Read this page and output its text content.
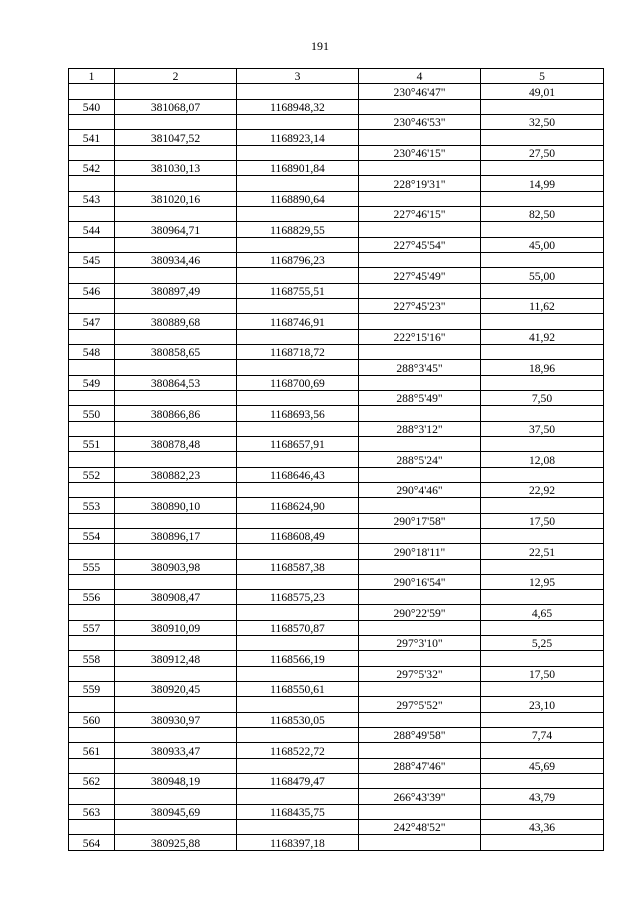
191
1	2	3	4	5
			230°46'47"	49,01
540	381068,07	1168948,32		
			230°46'53"	32,50
541	381047,52	1168923,14		
			230°46'15"	27,50
542	381030,13	1168901,84		
			228°19'31"	14,99
543	381020,16	1168890,64		
			227°46'15"	82,50
544	380964,71	1168829,55		
			227°45'54"	45,00
545	380934,46	1168796,23		
			227°45'49"	55,00
546	380897,49	1168755,51		
			227°45'23"	11,62
547	380889,68	1168746,91		
			222°15'16"	41,92
548	380858,65	1168718,72		
			288°3'45"	18,96
549	380864,53	1168700,69		
			288°5'49"	7,50
550	380866,86	1168693,56		
			288°3'12"	37,50
551	380878,48	1168657,91		
			288°5'24"	12,08
552	380882,23	1168646,43		
			290°4'46"	22,92
553	380890,10	1168624,90		
			290°17'58"	17,50
554	380896,17	1168608,49		
			290°18'11"	22,51
555	380903,98	1168587,38		
			290°16'54"	12,95
556	380908,47	1168575,23		
			290°22'59"	4,65
557	380910,09	1168570,87		
			297°3'10"	5,25
558	380912,48	1168566,19		
			297°5'32"	17,50
559	380920,45	1168550,61		
			297°5'52"	23,10
560	380930,97	1168530,05		
			288°49'58"	7,74
561	380933,47	1168522,72		
			288°47'46"	45,69
562	380948,19	1168479,47		
			266°43'39"	43,79
563	380945,69	1168435,75		
			242°48'52"	43,36
564	380925,88	1168397,18		
